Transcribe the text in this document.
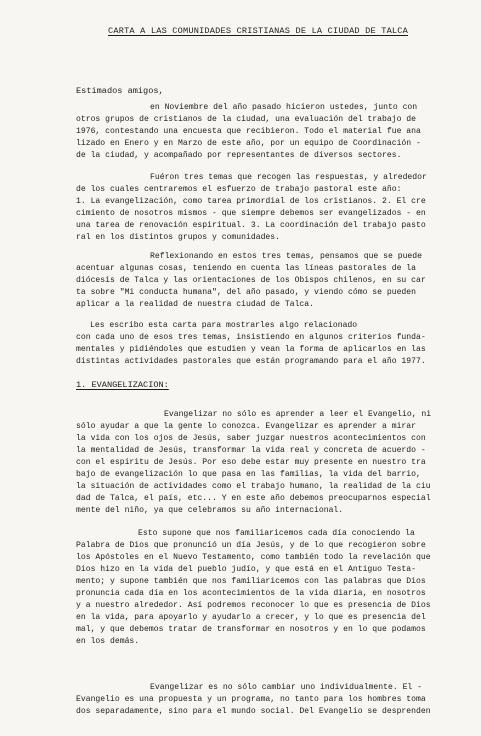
CARTA A LAS COMUNIDADES CRISTIANAS DE LA CIUDAD DE TALCA
Estimados amigos,
en Noviembre del año pasado hicieron ustedes, junto con
otros grupos de cristianos de la ciudad, una evaluación del trabajo de
1976, contestando una encuesta que recibieron. Todo el material fue ana
lizado en Enero y en Marzo de este año, por un equipo de Coordinación -
de la ciudad, y acompañado por representantes de diversos sectores.
Fuéron tres temas que recogen las respuestas, y alrededor
de los cuales centraremos el esfuerzo de trabajo pastoral este año:
1. La evangelización, como tarea primordial de los cristianos. 2. El cre
cimiento de nosotros mismos - que siempre debemos ser evangelizados - en
una tarea de renovación espiritual. 3. La coordinación del trabajo pasto
ral en los distintos grupos y comunidades.
Reflexionando en estos tres temas, pensamos que se puede
acentuar algunas cosas, teniendo en cuenta las líneas pastorales de la
diócesis de Talca y las orientaciones de los Obispos chilenos, en su car
ta sobre "Mi conducta humana", del año pasado, y viendo cómo se pueden
aplicar a la realidad de nuestra ciudad de Talca.
Les escribo esta carta para mostrarles algo relacionado
con cada uno de esos tres temas, insistiendo en algunos criterios funda-
mentales y pidiéndoles que estudien y vean la forma de aplicarlos en las
distintas actividades pastorales que están programando para el año 1977.
1. EVANGELIZACION:
Evangelizar no sólo es aprender a leer el Evangelio, ni
sólo ayudar a que la gente lo conozca. Evangelizar es aprender a mirar
la vida con los ojos de Jesús, saber juzgar nuestros acontecimientos con
la mentalidad de Jesús, transformar la vida real y concreta de acuerdo -
con el espíritu de Jesús. Por eso debe estar muy presente en nuestro tra
bajo de evangelización lo que pasa en las familias, la vida del barrio,
la situación de actividades como el trabajo humano, la realidad de la ciu
dad de Talca, el país, etc... Y en este año debemos preocuparnos especial
mente del niño, ya que celebramos su año internacional.
Esto supone que nos familiaricemos cada día conociendo la
Palabra de Dios que pronunció un día Jesús, y de lo que recogieron sobre
los Apóstoles en el Nuevo Testamento, como también todo la revelación que
Dios hizo en la vida del pueblo judío, y que está en el Antiguo Testa-
mento; y supone también que nos familiaricemos con las palabras que Dios
pronuncia cada día en los acontecimientos de la vida diaria, en nosotros
y a nuestro alrededor. Así podremos reconocer lo que es presencia de Dios
en la vida, para apoyarlo y ayudarlo a crecer, y lo que es presencia del
mal, y que debemos tratar de transformar en nosotros y en lo que podamos
en los demás.
Evangelizar es no sólo cambiar uno individualmente. El -
Evangelio es una propuesta y un programa, no tanto para los hombres toma
dos separadamente, sino para el mundo social. Del Evangelio se desprenden
